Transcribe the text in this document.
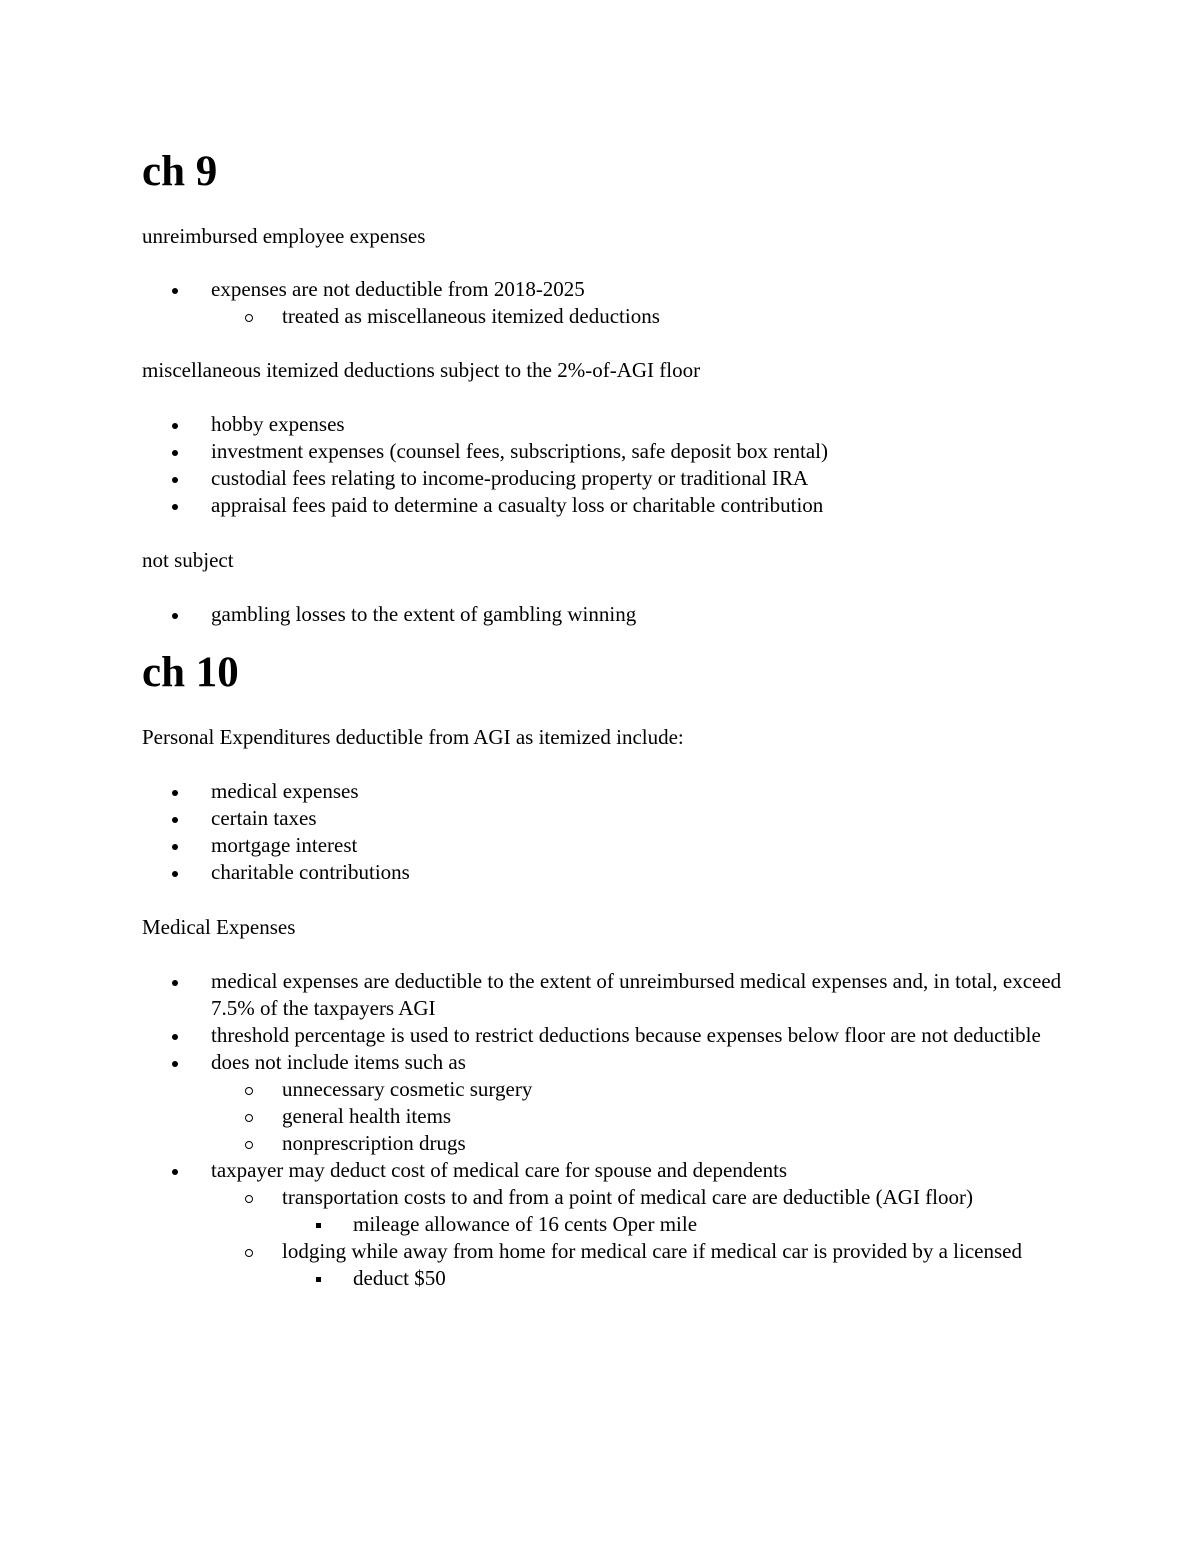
ch 9

unreimbursed employee expenses

expenses are not deductible from 2018-2025
treated as miscellaneous itemized deductions

miscellaneous itemized deductions subject to the 2%-of-AGI floor

hobby expenses
investment expenses (counsel fees, subscriptions, safe deposit box rental)
custodial fees relating to income-producing property or traditional IRA
appraisal fees paid to determine a casualty loss or charitable contribution

not subject

gambling losses to the extent of gambling winning
ch 10

Personal Expenditures deductible from AGI as itemized include:

medical expenses
certain taxes
mortgage interest
charitable contributions

Medical Expenses

medical expenses are deductible to the extent of unreimbursed medical expenses and, in total, exceed 7.5% of the taxpayers AGI
threshold percentage is used to restrict deductions because expenses below floor are not deductible
does not include items such as
unnecessary cosmetic surgery
general health items
nonprescription drugs
taxpayer may deduct cost of medical care for spouse and dependents
transportation costs to and from a point of medical care are deductible (AGI floor)
mileage allowance of 16 cents Oper mile
lodging while away from home for medical care if medical car is provided by a licensed
deduct $50
